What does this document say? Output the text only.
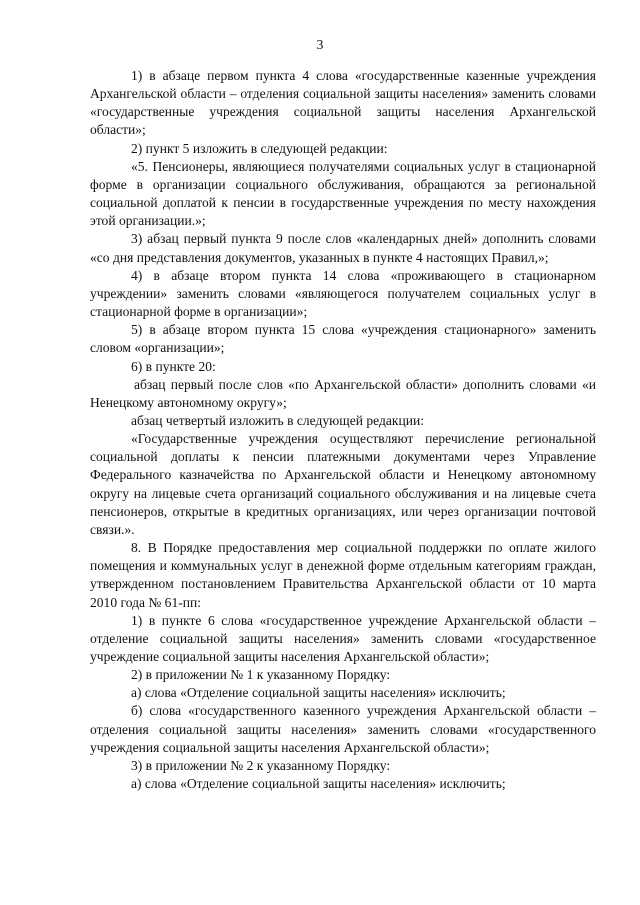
3

1) в абзаце первом пункта 4 слова «государственные казенные учреждения Архангельской области – отделения социальной защиты населения» заменить словами «государственные учреждения социальной защиты населения Архангельской области»;

2) пункт 5 изложить в следующей редакции:

«5. Пенсионеры, являющиеся получателями социальных услуг в стационарной форме в организации социального обслуживания, обращаются за региональной социальной доплатой к пенсии в государственные учреждения по месту нахождения этой организации.»;

3) абзац первый пункта 9 после слов «календарных дней» дополнить словами «со дня представления документов, указанных в пункте 4 настоящих Правил,»;

4) в абзаце втором пункта 14 слова «проживающего в стационарном учреждении» заменить словами «являющегося получателем социальных услуг в стационарной форме в организации»;

5) в абзаце втором пункта 15 слова «учреждения стационарного» заменить словом «организации»;

6) в пункте 20:

абзац первый после слов «по Архангельской области» дополнить словами «и Ненецкому автономному округу»;

абзац четвертый изложить в следующей редакции:

«Государственные учреждения осуществляют перечисление региональной социальной доплаты к пенсии платежными документами через Управление Федерального казначейства по Архангельской области и Ненецкому автономному округу на лицевые счета организаций социального обслуживания и на лицевые счета пенсионеров, открытые в кредитных организациях, или через организации почтовой связи.».

8. В Порядке предоставления мер социальной поддержки по оплате жилого помещения и коммунальных услуг в денежной форме отдельным категориям граждан, утвержденном постановлением Правительства Архангельской области от 10 марта 2010 года № 61-пп:

1) в пункте 6 слова «государственное учреждение Архангельской области – отделение социальной защиты населения» заменить словами «государственное учреждение социальной защиты населения Архангельской области»;

2) в приложении № 1 к указанному Порядку:

а) слова «Отделение социальной защиты населения» исключить;

б) слова «государственного казенного учреждения Архангельской области – отделения социальной защиты населения» заменить словами «государственного учреждения социальной защиты населения Архангельской области»;

3) в приложении № 2 к указанному Порядку:

а) слова «Отделение социальной защиты населения» исключить;
